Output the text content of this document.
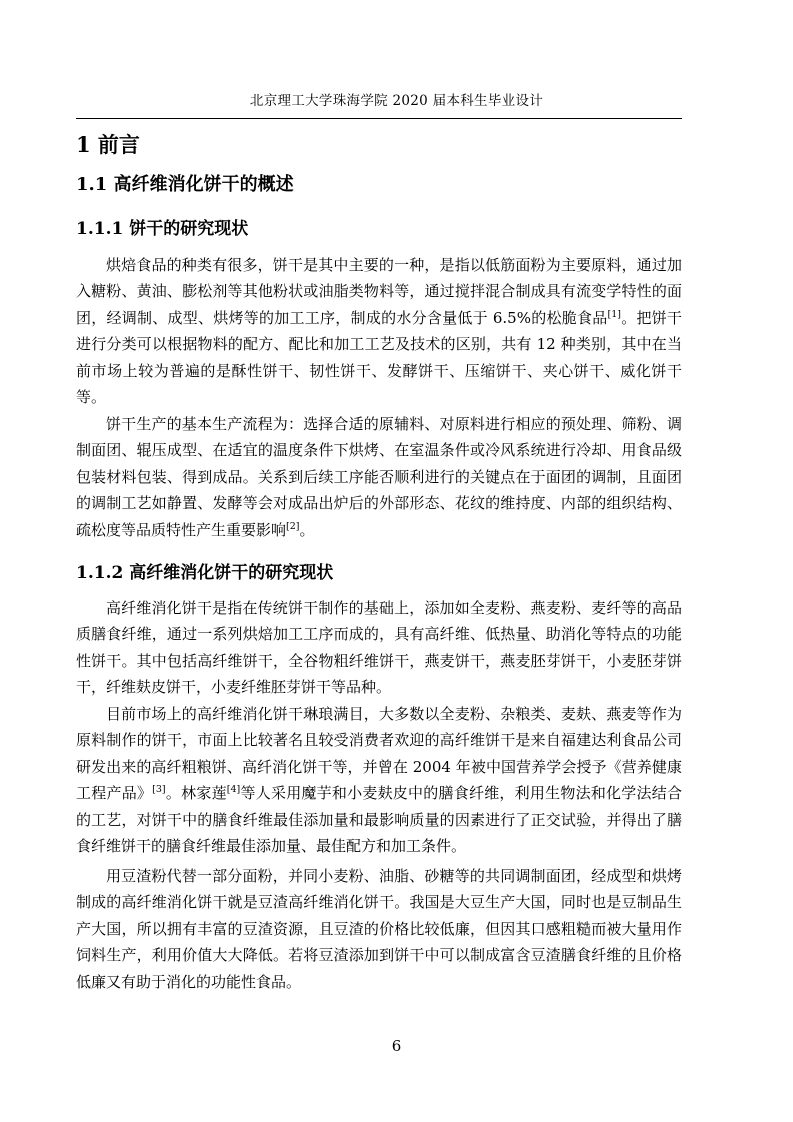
北京理工大学珠海学院 2020 届本科生毕业设计
1 前言
1.1 高纤维消化饼干的概述
1.1.1 饼干的研究现状

烘焙食品的种类有很多，饼干是其中主要的一种，是指以低筋面粉为主要原料，通过加入糖粉、黄油、膨松剂等其他粉状或油脂类物料等，通过搅拌混合制成具有流变学特性的面团，经调制、成型、烘烤等的加工工序，制成的水分含量低于 6.5%的松脆食品[1]。把饼干进行分类可以根据物料的配方、配比和加工工艺及技术的区别，共有 12 种类别，其中在当前市场上较为普遍的是酥性饼干、韧性饼干、发酵饼干、压缩饼干、夹心饼干、威化饼干等。

饼干生产的基本生产流程为：选择合适的原辅料、对原料进行相应的预处理、筛粉、调制面团、辊压成型、在适宜的温度条件下烘烤、在室温条件或冷风系统进行冷却、用食品级包装材料包装、得到成品。关系到后续工序能否顺利进行的关键点在于面团的调制，且面团的调制工艺如静置、发酵等会对成品出炉后的外部形态、花纹的维持度、内部的组织结构、疏松度等品质特性产生重要影响[2]。

1.1.2 高纤维消化饼干的研究现状

高纤维消化饼干是指在传统饼干制作的基础上，添加如全麦粉、燕麦粉、麦纤等的高品质膳食纤维，通过一系列烘焙加工工序而成的，具有高纤维、低热量、助消化等特点的功能性饼干。其中包括高纤维饼干，全谷物粗纤维饼干，燕麦饼干，燕麦胚芽饼干，小麦胚芽饼干，纤维麸皮饼干，小麦纤维胚芽饼干等品种。

目前市场上的高纤维消化饼干琳琅满目，大多数以全麦粉、杂粮类、麦麸、燕麦等作为原料制作的饼干，市面上比较著名且较受消费者欢迎的高纤维饼干是来自福建达利食品公司研发出来的高纤粗粮饼、高纤消化饼干等，并曾在 2004 年被中国营养学会授予《营养健康工程产品》[3]。林家莲[4]等人采用魔芋和小麦麸皮中的膳食纤维，利用生物法和化学法结合的工艺，对饼干中的膳食纤维最佳添加量和最影响质量的因素进行了正交试验，并得出了膳食纤维饼干的膳食纤维最佳添加量、最佳配方和加工条件。

用豆渣粉代替一部分面粉，并同小麦粉、油脂、砂糖等的共同调制面团，经成型和烘烤制成的高纤维消化饼干就是豆渣高纤维消化饼干。我国是大豆生产大国，同时也是豆制品生产大国，所以拥有丰富的豆渣资源，且豆渣的价格比较低廉，但因其口感粗糙而被大量用作饲料生产，利用价值大大降低。若将豆渣添加到饼干中可以制成富含豆渣膳食纤维的且价格低廉又有助于消化的功能性食品。

6
